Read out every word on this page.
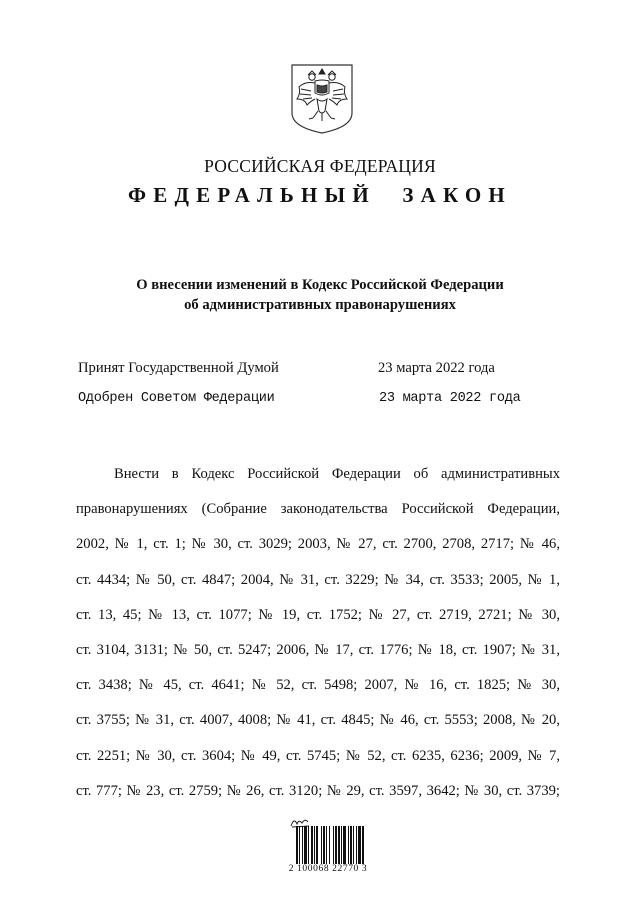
РОССИЙСКАЯ ФЕДЕРАЦИЯ
ФЕДЕРАЛЬНЫЙ ЗАКОН
О внесении изменений в Кодекс Российской Федерации
об административных правонарушениях
Принят Государственной Думой	23 марта 2022 года
Одобрен Советом Федерации	23 марта 2022 года
Внести в Кодекс Российской Федерации об административных
правонарушениях (Собрание законодательства Российской Федерации,
2002, № 1, ст. 1; № 30, ст. 3029; 2003, № 27, ст. 2700, 2708, 2717; № 46,
ст. 4434; № 50, ст. 4847; 2004, № 31, ст. 3229; № 34, ст. 3533; 2005, № 1,
ст. 13, 45; № 13, ст. 1077; № 19, ст. 1752; № 27, ст. 2719, 2721; № 30,
ст. 3104, 3131; № 50, ст. 5247; 2006, № 17, ст. 1776; № 18, ст. 1907; № 31,
ст. 3438; № 45, ст. 4641; № 52, ст. 5498; 2007, № 16, ст. 1825; № 30,
ст. 3755; № 31, ст. 4007, 4008; № 41, ст. 4845; № 46, ст. 5553; 2008, № 20,
ст. 2251; № 30, ст. 3604; № 49, ст. 5745; № 52, ст. 6235, 6236; 2009, № 7,
ст. 777; № 23, ст. 2759; № 26, ст. 3120; № 29, ст. 3597, 3642; № 30, ст. 3739;
2 100068 22770 3
